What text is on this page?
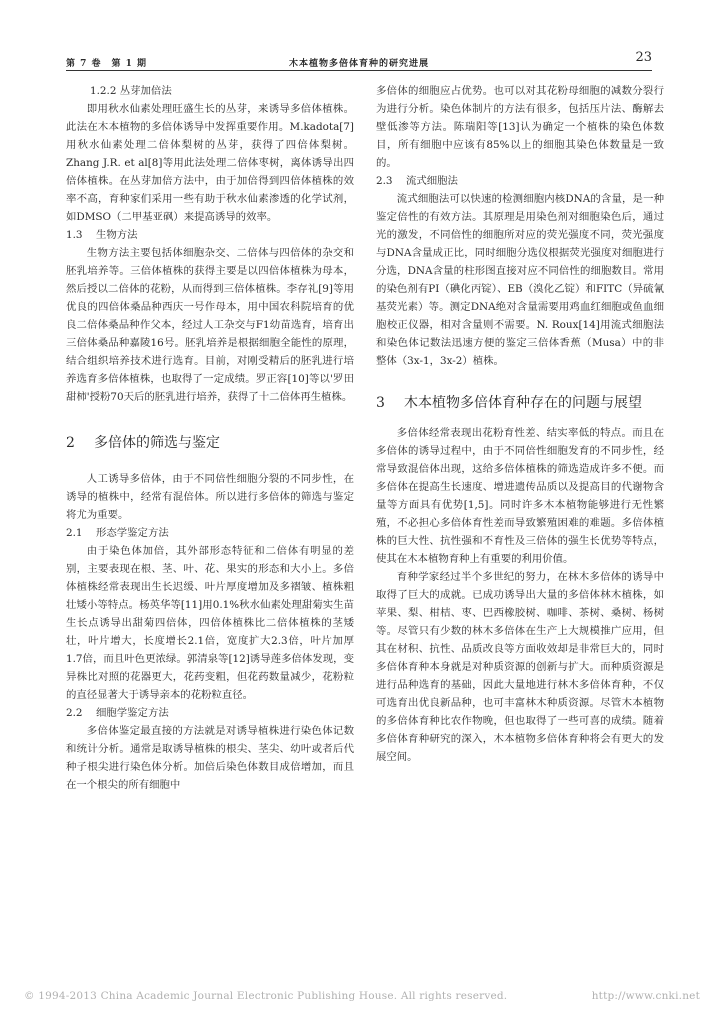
第 7 卷　第 1 期	木本植物多倍体育种的研究进展	23
1.2.2 丛芽加倍法

即用秋水仙素处理旺盛生长的丛芽，来诱导多倍体植株。此法在木本植物的多倍体诱导中发挥重要作用。M.kadota[7]用秋水仙素处理二倍体梨树的丛芽，获得了四倍体梨树。Zhang J.R. et al[8]等用此法处理二倍体枣树，离体诱导出四倍体植株。在丛芽加倍方法中，由于加倍得到四倍体植株的效率不高，育种家们采用一些有助于秋水仙素渗透的化学试剂，如DMSO（二甲基亚砜）来提高诱导的效率。

1.3 生物方法

生物方法主要包括体细胞杂交、二倍体与四倍体的杂交和胚乳培养等。三倍体植株的获得主要是以四倍体植株为母本，然后授以二倍体的花粉，从而得到三倍体植株。李存礼[9]等用优良的四倍体桑品种西庆一号作母本，用中国农科院培育的优良二倍体桑品种作父本，经过人工杂交与F1幼苗选育，培育出三倍体桑品种嘉陵16号。胚乳培养是根据细胞全能性的原理，结合组织培养技术进行选育。目前，对刚受精后的胚乳进行培养选育多倍体植株，也取得了一定成绩。罗正容[10]等以'罗田甜柿'授粉70天后的胚乳进行培养，获得了十二倍体再生植株。

2 多倍体的筛选与鉴定

人工诱导多倍体，由于不同倍性细胞分裂的不同步性，在诱导的植株中，经常有混倍体。所以进行多倍体的筛选与鉴定将尤为重要。

2.1 形态学鉴定方法

由于染色体加倍，其外部形态特征和二倍体有明显的差别，主要表现在根、茎、叶、花、果实的形态和大小上。多倍体植株经常表现出生长迟缓、叶片厚度增加及多褶皱、植株粗壮矮小等特点。杨英华等[11]用0.1%秋水仙素处理甜菊实生苗生长点诱导出甜菊四倍体，四倍体植株比二倍体植株的茎矮壮，叶片增大，长度增长2.1倍，宽度扩大2.3倍，叶片加厚1.7倍，而且叶色更浓绿。郭清泉等[12]诱导莲多倍体发现，变异株比对照的花器更大，花药变粗，但花药数量减少，花粉粒的直径显著大于诱导亲本的花粉粒直径。

2.2 细胞学鉴定方法

多倍体鉴定最直接的方法就是对诱导植株进行染色体记数和统计分析。通常是取诱导植株的根尖、茎尖、幼叶或者后代种子根尖进行染色体分析。加倍后染色体数目成倍增加，而且在一个根尖的所有细胞中

多倍体的细胞应占优势。也可以对其花粉母细胞的减数分裂行为进行分析。染色体制片的方法有很多，包括压片法、酶解去壁低渗等方法。陈瑞阳等[13]认为确定一个植株的染色体数目，所有细胞中应该有85%以上的细胞其染色体数量是一致的。

2.3 流式细胞法

流式细胞法可以快速的检测细胞内核DNA的含量，是一种鉴定倍性的有效方法。其原理是用染色剂对细胞染色后，通过光的激发，不同倍性的细胞所对应的荧光强度不同，荧光强度与DNA含量成正比，同时细胞分选仪根据荧光强度对细胞进行分选，DNA含量的柱形图直接对应不同倍性的细胞数目。常用的染色剂有PI（碘化丙锭）、EB（溴化乙锭）和FITC（异硫氰基荧光素）等。测定DNA绝对含量需要用鸡血红细胞或鱼血细胞校正仪器，相对含量则不需要。N. Roux[14]用流式细胞法和染色体记数法迅速方便的鉴定三倍体香蕉（Musa）中的非整体（3x-1，3x-2）植株。

3	木本植物多倍体育种存在的问题与展望

多倍体经常表现出花粉育性差、结实率低的特点。而且在多倍体的诱导过程中，由于不同倍性细胞发育的不同步性，经常导致混倍体出现，这给多倍体植株的筛选造成许多不便。而多倍体在提高生长速度、增进遗传品质以及提高目的代谢物含量等方面具有优势[1,5]。同时许多木本植物能够进行无性繁殖，不必担心多倍体育性差而导致繁殖困难的难题。多倍体植株的巨大性、抗性强和不育性及三倍体的强生长优势等特点，使其在木本植物育种上有重要的利用价值。

育种学家经过半个多世纪的努力，在林木多倍体的诱导中取得了巨大的成就。已成功诱导出大量的多倍体林木植株，如苹果、梨、柑桔、枣、巴西橡胶树、咖啡、茶树、桑树、杨树等。尽管只有少数的林木多倍体在生产上大规模推广应用，但其在材积、抗性、品质改良等方面收效却是非常巨大的，同时多倍体育种本身就是对种质资源的创新与扩大。而种质资源是进行品种选育的基础，因此大量地进行林木多倍体育种，不仅可选育出优良新品种，也可丰富林木种质资源。尽管木本植物的多倍体育种比农作物晚，但也取得了一些可喜的成绩。随着多倍体育种研究的深入，木本植物多倍体育种将会有更大的发展空间。

© 1994-2013 China Academic Journal Electronic Publishing House. All rights reserved.	http://www.cnki.net
